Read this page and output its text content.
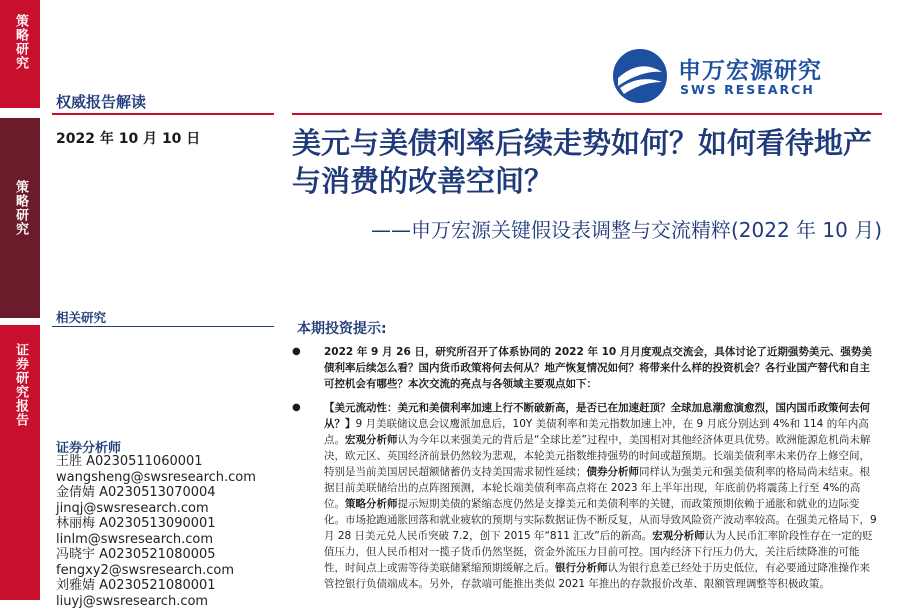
策略研究
策略研究
证券研究报告
申万宏源研究
SWS RESEARCH
权威报告解读
2022 年 10 月 10 日	美元与美债利率后续走势如何？如何看待地产与消费的改善空间？
——申万宏源关键假设表调整与交流精粹(2022 年 10 月)
相关研究
本期投资提示:
证券分析师
王胜 A0230511060001
wangsheng@swsresearch.com
金倩婧 A0230513070004
jinqj@swsresearch.com
林丽梅 A0230513090001
linlm@swsresearch.com
冯晓宇 A0230521080005
fengxy2@swsresearch.com
刘雅婧 A0230521080001
liuyj@swsresearch.com
● 2022 年 9 月 26 日，研究所召开了体系协同的 2022 年 10 月月度观点交流会，具体讨论了近期强势美元、强势美债利率后续怎么看？国内货币政策将何去何从？地产恢复情况如何？将带来什么样的投资机会？各行业国产替代和自主可控机会有哪些？本次交流的亮点与各领域主要观点如下：
● 【美元流动性：美元和美债利率加速上行不断破新高，是否已在加速赶顶？全球加息潮愈演愈烈，国内国币政策何去何从？】9 月美联储议息会议鹰派加息后，10Y 美债利率和美元指数加速上冲，在 9 月底分别达到 4%和 114 的年内高点。宏观分析师认为今年以来强美元的背后是“全球比差”过程中，美国相对其他经济体更具优势。欧洲能源危机尚未解决，欧元区、英国经济前景仍然较为悲观，本轮美元指数维持强势的时间或超预期。长端美债利率未来仍存上修空间，特别是当前美国居民超额储蓄仍支持美国需求韧性延续；债券分析师同样认为强美元和强美债利率的格局尚未结束。根据目前美联储给出的点阵图预测，本轮长端美债利率高点将在 2023 年上半年出现，年底前仍将震荡上行至 4%的高位。策略分析师提示短期美债的紧缩态度仍然是支撑美元和美债利率的关键，而政策预期依赖于通胀和就业的边际变化。市场抢跑通胀回落和就业疲软的预期与实际数据证伪不断反复，从而导致风险资产波动率较高。在强美元格局下，9 月 28 日美元兑人民币突破 7.2，创下 2015 年“811 汇改”后的新高。宏观分析师认为人民币汇率阶段性存在一定的贬值压力，但人民币相对一揽子货币仍然坚挺，资金外流压力目前可控。国内经济下行压力仍大，关注后续降准的可能性，时间点上或需等待美联储紧缩预期缓解之后。银行分析师认为银行息差已经处于历史低位，有必要通过降准操作来管控银行负债端成本。另外，存款端可能推出类似 2021 年推出的存款报价改革、限额管理调整等积极政策。
